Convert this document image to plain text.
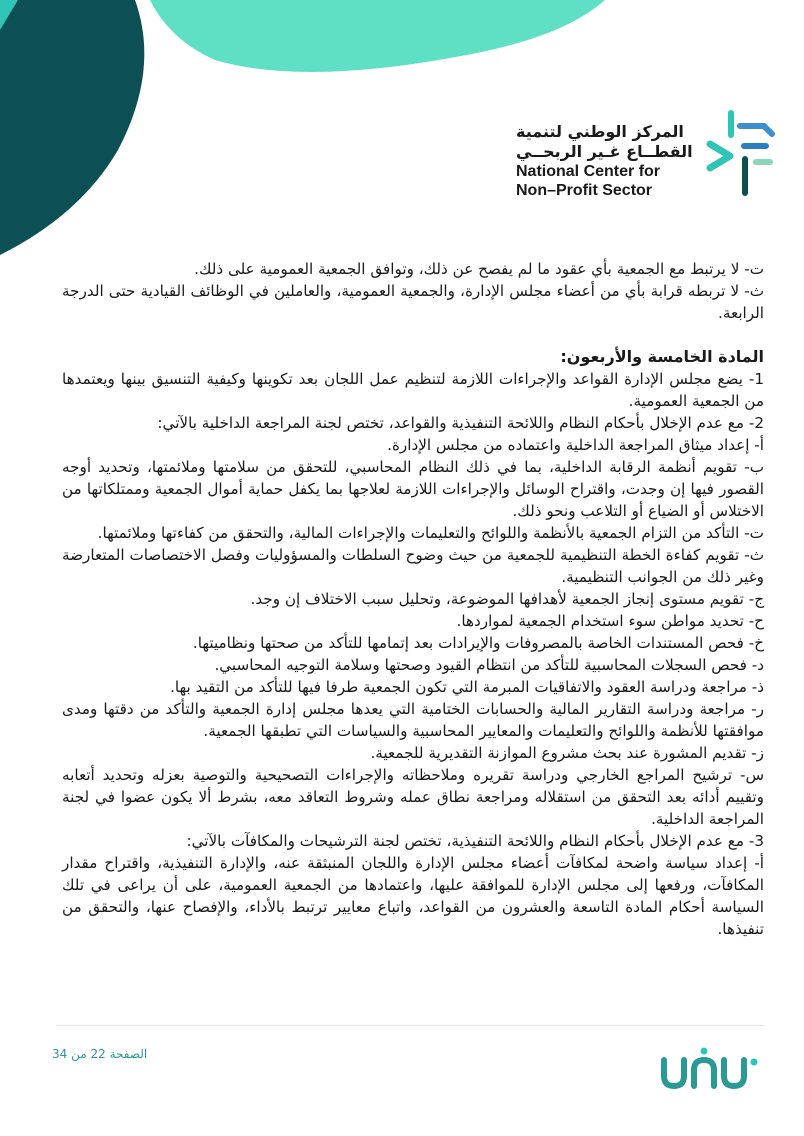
المركز الوطني لتنمية
القطــاع غـير الربحــي
National Center for
Non–Profit Sector

ت- لا يرتبط مع الجمعية بأي عقود ما لم يفصح عن ذلك، وتوافق الجمعية العمومية على ذلك.

ث- لا تربطه قرابة بأي من أعضاء مجلس الإدارة، والجمعية العمومية، والعاملين في الوظائف القيادية حتى الدرجة الرابعة.

المادة الخامسة والأربعون:

1- يضع مجلس الإدارة القواعد والإجراءات اللازمة لتنظيم عمل اللجان بعد تكوينها وكيفية التنسيق بينها ويعتمدها من الجمعية العمومية.

2- مع عدم الإخلال بأحكام النظام واللائحة التنفيذية والقواعد، تختص لجنة المراجعة الداخلية بالآتي:

أ- إعداد ميثاق المراجعة الداخلية واعتماده من مجلس الإدارة.

ب- تقويم أنظمة الرقابة الداخلية، بما في ذلك النظام المحاسبي، للتحقق من سلامتها وملائمتها، وتحديد أوجه القصور فيها إن وجدت، واقتراح الوسائل والإجراءات اللازمة لعلاجها بما يكفل حماية أموال الجمعية وممتلكاتها من الاختلاس أو الضياع أو التلاعب ونحو ذلك.

ت- التأكد من التزام الجمعية بالأنظمة واللوائح والتعليمات والإجراءات المالية، والتحقق من كفاءتها وملائمتها.

ث- تقويم كفاءة الخطة التنظيمية للجمعية من حيث وضوح السلطات والمسؤوليات وفصل الاختصاصات المتعارضة وغير ذلك من الجوانب التنظيمية.

ج- تقويم مستوى إنجاز الجمعية لأهدافها الموضوعة، وتحليل سبب الاختلاف إن وجد.

ح- تحديد مواطن سوء استخدام الجمعية لمواردها.

خ- فحص المستندات الخاصة بالمصروفات والإيرادات بعد إتمامها للتأكد من صحتها ونظاميتها.

د- فحص السجلات المحاسبية للتأكد من انتظام القيود وصحتها وسلامة التوجيه المحاسبي.

ذ- مراجعة ودراسة العقود والاتفاقيات المبرمة التي تكون الجمعية طرفا فيها للتأكد من التقيد بها.

ر- مراجعة ودراسة التقارير المالية والحسابات الختامية التي يعدها مجلس إدارة الجمعية والتأكد من دقتها ومدى موافقتها للأنظمة واللوائح والتعليمات والمعايير المحاسبية والسياسات التي تطبقها الجمعية.

ز- تقديم المشورة عند بحث مشروع الموازنة التقديرية للجمعية.

س- ترشيح المراجع الخارجي ودراسة تقريره وملاحظاته والإجراءات التصحيحية والتوصية بعزله وتحديد أتعابه وتقييم أدائه بعد التحقق من استقلاله ومراجعة نطاق عمله وشروط التعاقد معه، بشرط ألا يكون عضوا في لجنة المراجعة الداخلية.

3- مع عدم الإخلال بأحكام النظام واللائحة التنفيذية، تختص لجنة الترشيحات والمكافآت بالآتي:

أ- إعداد سياسة واضحة لمكافآت أعضاء مجلس الإدارة واللجان المنبثقة عنه، والإدارة التنفيذية، واقتراح مقدار المكافآت، ورفعها إلى مجلس الإدارة للموافقة عليها، واعتمادها من الجمعية العمومية، على أن يراعى في تلك السياسة أحكام المادة التاسعة والعشرون من القواعد، واتباع معايير ترتبط بالأداء، والإفصاح عنها، والتحقق من تنفيذها.

الصفحة 22 من 34
